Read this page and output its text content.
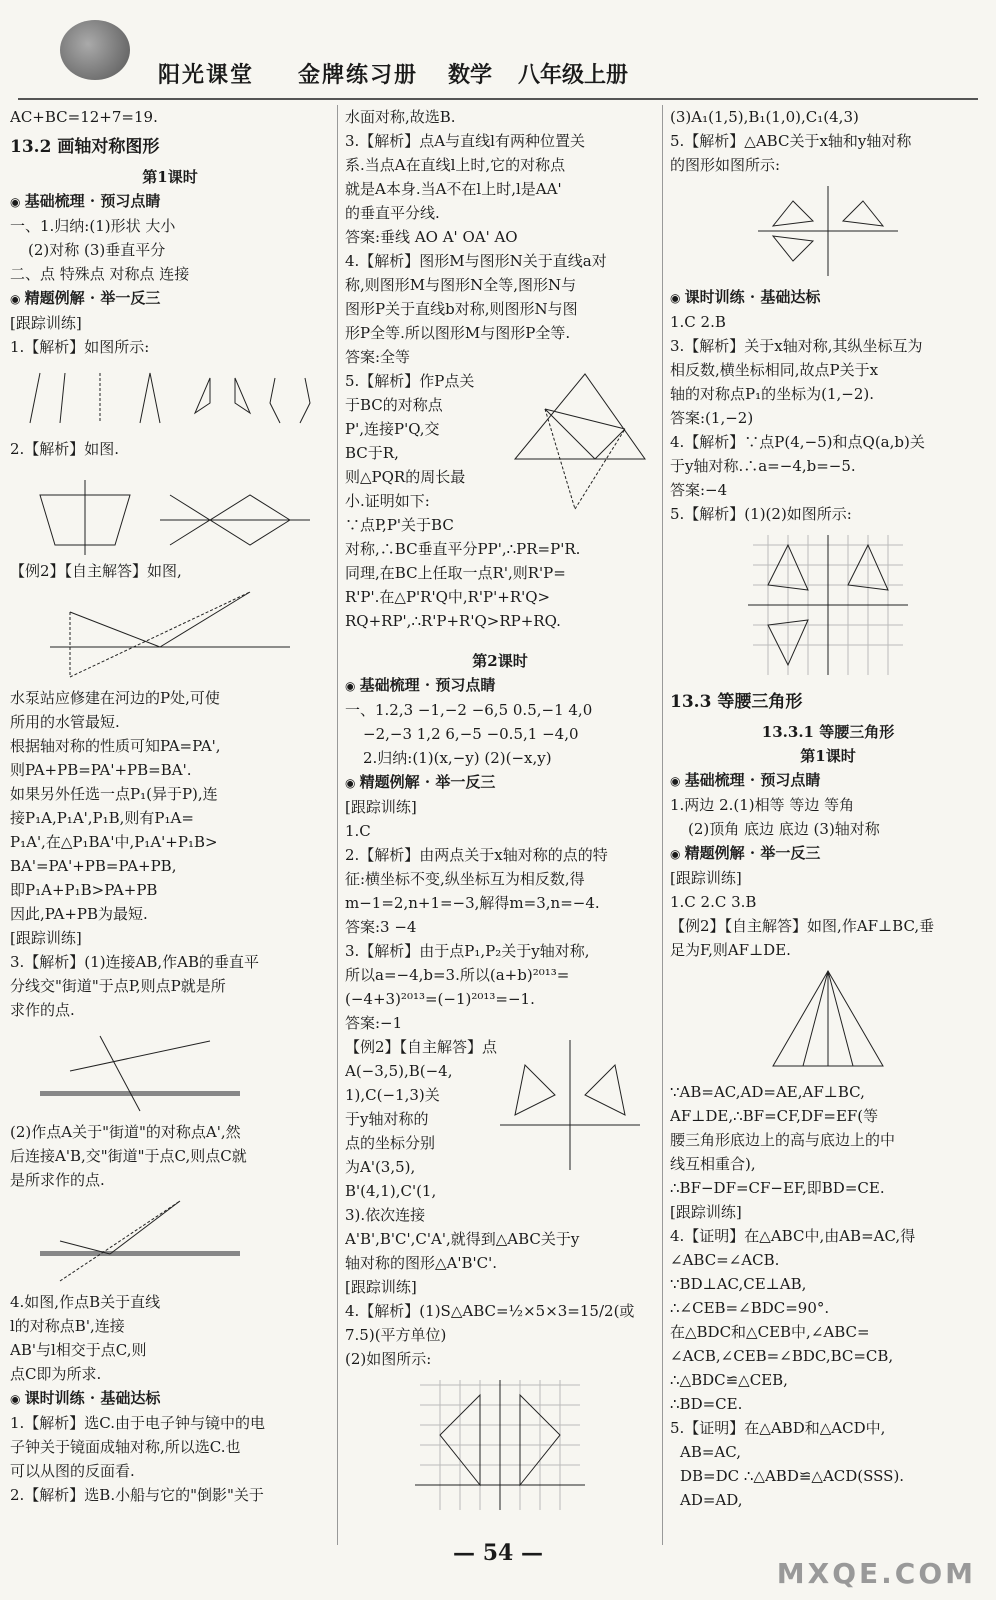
阳光课堂 金牌练习册 数学 八年级上册
AC+BC=12+7=19.
13.2 画轴对称图形
第1课时
◉ 基础梳理 · 预习点睛
一、1.归纳:(1)形状 大小
(2)对称 (3)垂直平分
二、点 特殊点 对称点 连接
◉ 精题例解 · 举一反三
[跟踪训练]
1.【解析】如图所示:
2.【解析】如图.
【例2】【自主解答】如图,
水泵站应修建在河边的P处,可使
所用的水管最短.
根据轴对称的性质可知PA=PA',
则PA+PB=PA'+PB=BA'.
如果另外任选一点P₁(异于P),连
接P₁A,P₁A',P₁B,则有P₁A=
P₁A',在△P₁BA'中,P₁A'+P₁B>
BA'=PA'+PB=PA+PB,
即P₁A+P₁B>PA+PB
因此,PA+PB为最短.
[跟踪训练]
3.【解析】(1)连接AB,作AB的垂直平
分线交"街道"于点P,则点P就是所
求作的点.
(2)作点A关于"街道"的对称点A',然
后连接A'B,交"街道"于点C,则点C就
是所求作的点.
4.如图,作点B关于直线
l的对称点B',连接
AB'与l相交于点C,则
点C即为所求.
◉ 课时训练 · 基础达标
1.【解析】选C.由于电子钟与镜中的电
子钟关于镜面成轴对称,所以选C.也
可以从图的反面看.
2.【解析】选B.小船与它的"倒影"关于
水面对称,故选B.
3.【解析】点A与直线l有两种位置关
系.当点A在直线l上时,它的对称点
就是A本身.当A不在l上时,l是AA'
的垂直平分线.
答案:垂线 AO A' OA' AO
4.【解析】图形M与图形N关于直线a对
称,则图形M与图形N全等,图形N与
图形P关于直线b对称,则图形N与图
形P全等.所以图形M与图形P全等.
答案:全等
5.【解析】作P点关
于BC的对称点
P',连接P'Q,交
BC于R,
则△PQR的周长最
小.证明如下:
∵点P,P'关于BC
对称,∴BC垂直平分PP',∴PR=P'R.
同理,在BC上任取一点R',则R'P=
R'P'.在△P'R'Q中,R'P'+R'Q>
RQ+RP',∴R'P+R'Q>RP+RQ.
第2课时
◉ 基础梳理 · 预习点睛
一、1.2,3 −1,−2 −6,5 0.5,−1 4,0
−2,−3 1,2 6,−5 −0.5,1 −4,0
2.归纳:(1)(x,−y) (2)(−x,y)
◉ 精题例解 · 举一反三
[跟踪训练]
1.C
2.【解析】由两点关于x轴对称的点的特
征:横坐标不变,纵坐标互为相反数,得
m−1=2,n+1=−3,解得m=3,n=−4.
答案:3 −4
3.【解析】由于点P₁,P₂关于y轴对称,
所以a=−4,b=3.所以(a+b)²⁰¹³=
(−4+3)²⁰¹³=(−1)²⁰¹³=−1.
答案:−1
【例2】【自主解答】点
A(−3,5),B(−4,
1),C(−1,3)关
于y轴对称的
点的坐标分别
为A'(3,5),
B'(4,1),C'(1,
3).依次连接
A'B',B'C',C'A',就得到△ABC关于y
轴对称的图形△A'B'C'.
[跟踪训练]
4.【解析】(1)S△ABC=½×5×3=15/2(或
7.5)(平方单位)
(2)如图所示:
(3)A₁(1,5),B₁(1,0),C₁(4,3)
5.【解析】△ABC关于x轴和y轴对称
的图形如图所示:
◉ 课时训练 · 基础达标
1.C 2.B
3.【解析】关于x轴对称,其纵坐标互为
相反数,横坐标相同,故点P关于x
轴的对称点P₁的坐标为(1,−2).
答案:(1,−2)
4.【解析】∵点P(4,−5)和点Q(a,b)关
于y轴对称.∴a=−4,b=−5.
答案:−4
5.【解析】(1)(2)如图所示:
13.3 等腰三角形
13.3.1 等腰三角形
第1课时
◉ 基础梳理 · 预习点睛
1.两边 2.(1)相等 等边 等角
(2)顶角 底边 底边 (3)轴对称
◉ 精题例解 · 举一反三
[跟踪训练]
1.C 2.C 3.B
【例2】【自主解答】如图,作AF⊥BC,垂
足为F,则AF⊥DE.
∵AB=AC,AD=AE,AF⊥BC,
AF⊥DE,∴BF=CF,DF=EF(等
腰三角形底边上的高与底边上的中
线互相重合),
∴BF−DF=CF−EF,即BD=CE.
[跟踪训练]
4.【证明】在△ABC中,由AB=AC,得
∠ABC=∠ACB.
∵BD⊥AC,CE⊥AB,
∴∠CEB=∠BDC=90°.
在△BDC和△CEB中,∠ABC=
∠ACB,∠CEB=∠BDC,BC=CB,
∴△BDC≌△CEB,
∴BD=CE.
5.【证明】在△ABD和△ACD中,
AB=AC,
DB=DC ∴△ABD≌△ACD(SSS).
AD=AD,
— 54 —
MXQE.COM
